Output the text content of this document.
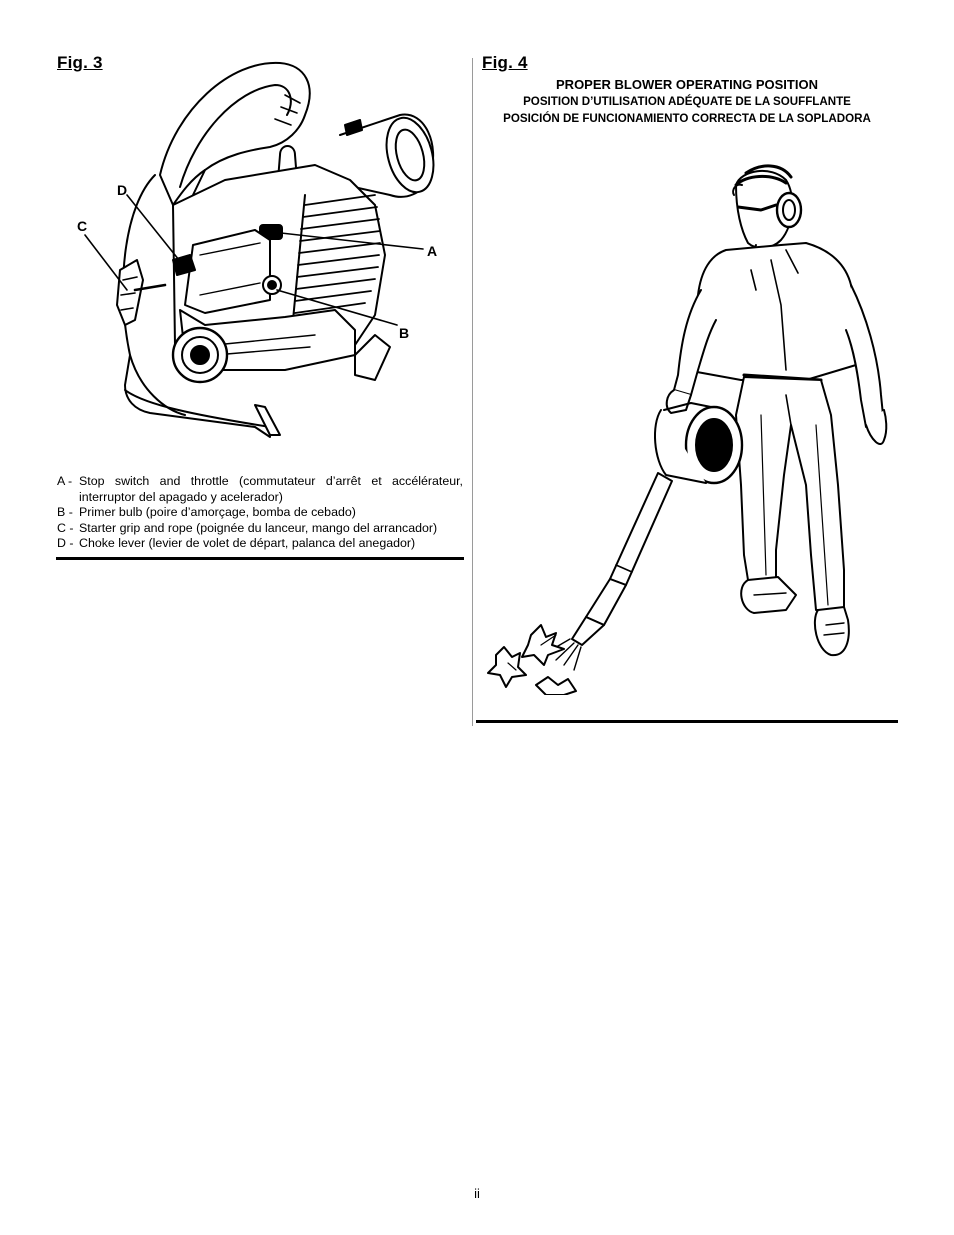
Fig. 3	Fig. 4
A
B
C
D
A - Stop switch and throttle (commutateur d’arrêt et accélérateur, interruptor del apagado y acelerador)
B - Primer bulb (poire d’amorçage, bomba de cebado)
C - Starter grip and rope (poignée du lanceur, mango del arrancador)
D - Choke lever (levier de volet de départ, palanca del anegador)
PROPER BLOWER OPERATING POSITION
POSITION D’UTILISATION ADÉQUATE DE LA SOUFFLANTE
POSICIÓN DE FUNCIONAMIENTO CORRECTA DE LA SOPLADORA
ii
